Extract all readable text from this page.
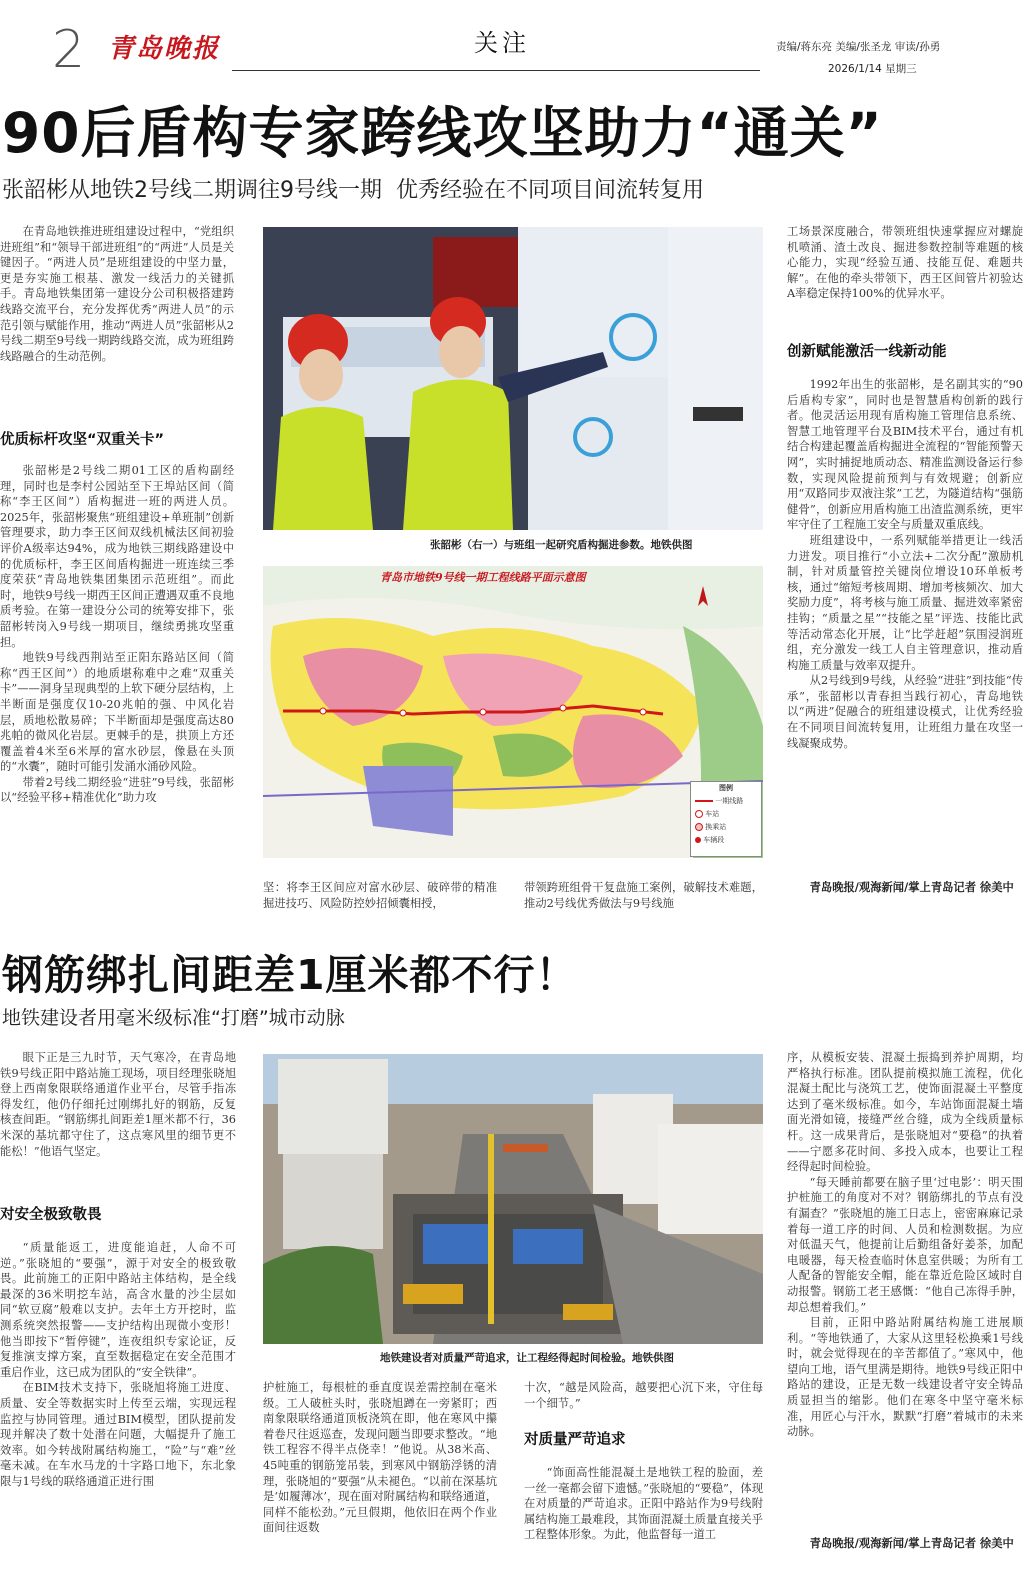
2 青岛晚报	关注	责编/蒋东亮 美编/张圣龙 审读/孙勇
2026/1/14 星期三
90后盾构专家跨线攻坚助力“通关”
张韶彬从地铁2号线二期调往9号线一期  优秀经验在不同项目间流转复用

在青岛地铁推进班组建设过程中，“党组织进班组”和“领导干部进班组”的“两进”人员是关键因子。“两进人员”是班组建设的中坚力量，更是夯实施工根基、激发一线活力的关键抓手。青岛地铁集团第一建设分公司积极搭建跨线路交流平台，充分发挥优秀“两进人员”的示范引领与赋能作用，推动“两进人员”张韶彬从2号线二期至9号线一期跨线路交流，成为班组跨线路融合的生动范例。

优质标杆攻坚“双重关卡”

张韶彬是2号线二期01工区的盾构副经理，同时也是李村公园站至下王埠站区间（简称“李王区间”）盾构掘进一班的两进人员。2025年，张韶彬聚焦“班组建设+单班制”创新管理要求，助力李王区间双线机械法区间初验评价A级率达94%，成为地铁三期线路建设中的优质标杆，李王区间盾构掘进一班连续三季度荣获“青岛地铁集团集团示范班组”。而此时，地铁9号线一期西王区间正遭遇双重不良地质考验。在第一建设分公司的统筹安排下，张韶彬转岗入9号线一期项目，继续勇挑攻坚重担。

地铁9号线西荆站至正阳东路站区间（简称“西王区间”）的地质堪称难中之难“双重关卡”——洞身呈现典型的上软下硬分层结构，上半断面是强度仅10-20兆帕的强、中风化岩层，质地松散易碎；下半断面却是强度高达80兆帕的微风化岩层。更棘手的是，拱顶上方还覆盖着4米至6米厚的富水砂层，像悬在头顶的“水囊”，随时可能引发涌水涌砂风险。

带着2号线二期经验“进驻”9号线，张韶彬以“经验平移+精准优化”助力攻

张韶彬（右一）与班组一起研究盾构掘进参数。地铁供图
青岛市地铁9号线一期工程线路平面示意图
图例
一期线路
车站
换乘站
车辆段

坚：将李王区间应对富水砂层、破碎带的精准掘进技巧、风险防控妙招倾囊相授，

带领跨班组骨干复盘施工案例，破解技术难题，推动2号线优秀做法与9号线施

工场景深度融合，带领班组快速掌握应对螺旋机喷涌、渣土改良、掘进参数控制等难题的核心能力，实现“经验互通、技能互促、难题共解”。在他的牵头带领下，西王区间管片初验达A率稳定保持100%的优异水平。

创新赋能激活一线新动能

1992年出生的张韶彬，是名副其实的“90后盾构专家”，同时也是智慧盾构创新的践行者。他灵活运用现有盾构施工管理信息系统、智慧工地管理平台及BIM技术平台，通过有机结合构建起覆盖盾构掘进全流程的“智能预警天网”，实时捕捉地质动态、精准监测设备运行参数，实现风险提前预判与有效规避；创新应用“双路同步双液注浆”工艺，为隧道结构“强筋健骨”，创新应用盾构施工出渣监测系统，更牢牢守住了工程施工安全与质量双重底线。

班组建设中，一系列赋能举措更让一线活力迸发。项目推行“小立法+二次分配”激励机制，针对质量管控关键岗位增设10环单板考核，通过“缩短考核周期、增加考核频次、加大奖励力度”，将考核与施工质量、掘进效率紧密挂钩；“质量之星”“技能之星”评选、技能比武等活动常态化开展，让“比学赶超”氛围浸润班组，充分激发一线工人自主管理意识，推动盾构施工质量与效率双提升。

从2号线到9号线，从经验“进驻”到技能“传承”，张韶彬以青春担当践行初心，青岛地铁以“两进”促融合的班组建设模式，让优秀经验在不同项目间流转复用，让班组力量在攻坚一线凝聚成势。

青岛晚报/观海新闻/掌上青岛记者 徐美中
钢筋绑扎间距差1厘米都不行！
地铁建设者用毫米级标准“打磨”城市动脉

眼下正是三九时节，天气寒冷，在青岛地铁9号线正阳中路站施工现场，项目经理张晓旭登上西南象限联络通道作业平台，尽管手指冻得发红，他仍仔细托过刚绑扎好的钢筋，反复核查间距。“钢筋绑扎间距差1厘米都不行，36米深的基坑都守住了，这点寒风里的细节更不能松！”他语气坚定。

对安全极致敬畏

“质量能返工，进度能追赶，人命不可逆。”张晓旭的“要强”，源于对安全的极致敬畏。此前施工的正阳中路站主体结构，是全线最深的36米明挖车站，高含水量的沙尘层如同“软豆腐”般难以支护。去年土方开挖时，监测系统突然报警——支护结构出现微小变形！他当即按下“暂停键”，连夜组织专家论证，反复推演支撑方案，直至数据稳定在安全范围才重启作业，这已成为团队的“安全铁律”。

在BIM技术支持下，张晓旭将施工进度、质量、安全等数据实时上传至云端，实现远程监控与协同管理。通过BIM模型，团队提前发现并解决了数十处潜在问题，大幅提升了施工效率。如今转战附属结构施工，“险”与“难”丝毫未减。在车水马龙的十字路口地下，东北象限与1号线的联络通道正进行围

地铁建设者对质量严苛追求，让工程经得起时间检验。地铁供图

护桩施工，每根桩的垂直度误差需控制在毫米级。工人破桩头时，张晓旭蹲在一旁紧盯；西南象限联络通道顶板浇筑在即，他在寒风中攥着卷尺往返巡查，发现问题当即要求整改。“地铁工程容不得半点侥幸！”他说。从38米高、45吨重的钢筋笼吊装，到寒风中钢筋浮锈的清理，张晓旭的“要强”从未褪色。“以前在深基坑是‘如履薄冰’，现在面对附属结构和联络通道，同样不能松劲。”元旦假期，他依旧在两个作业面间往返数

十次，“越是风险高，越要把心沉下来，守住每一个细节。”

对质量严苛追求

“饰面高性能混凝土是地铁工程的脸面，差一丝一毫都会留下遗憾。”张晓旭的“要稳”，体现在对质量的严苛追求。正阳中路站作为9号线附属结构施工最难段，其饰面混凝土质量直接关乎工程整体形象。为此，他监督每一道工

序，从模板安装、混凝土振捣到养护周期，均严格执行标准。团队提前模拟施工流程，优化混凝土配比与浇筑工艺，使饰面混凝土平整度达到了毫米级标准。如今，车站饰面混凝土墙面光滑如镜，接缝严丝合缝，成为全线质量标杆。这一成果背后，是张晓旭对“要稳”的执着——宁愿多花时间、多投入成本，也要让工程经得起时间检验。

“每天睡前都要在脑子里‘过电影’：明天围护桩施工的角度对不对？钢筋绑扎的节点有没有漏查？”张晓旭的施工日志上，密密麻麻记录着每一道工序的时间、人员和检测数据。为应对低温天气，他提前让后勤组备好姜茶，加配电暖器，每天检查临时休息室供暖；为所有工人配备的智能安全帽，能在靠近危险区域时自动报警。钢筋工老王感慨：“他自己冻得手肿，却总想着我们。”

目前，正阳中路站附属结构施工进展顺利。“等地铁通了，大家从这里轻松换乘1号线时，就会觉得现在的辛苦都值了。”寒风中，他望向工地，语气里满是期待。地铁9号线正阳中路站的建设，正是无数一线建设者守安全铸品质显担当的缩影。他们在寒冬中坚守毫米标准，用匠心与汗水，默默“打磨”着城市的未来动脉。

青岛晚报/观海新闻/掌上青岛记者 徐美中
